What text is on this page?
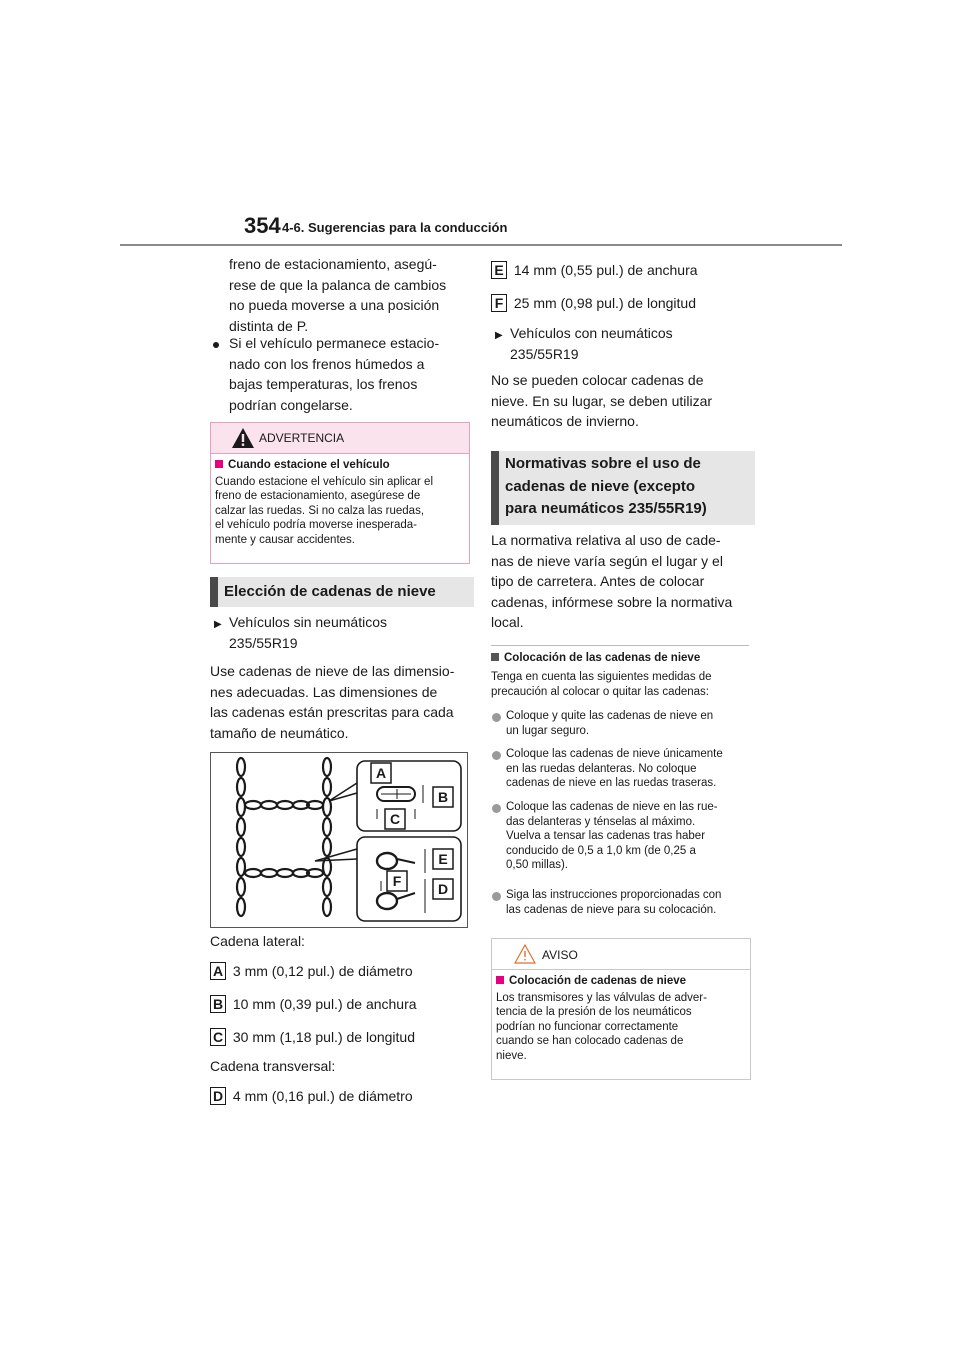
354 4-6. Sugerencias para la conducción
freno de estacionamiento, asegú-
rese de que la palanca de cambios
no pueda moverse a una posición
distinta de P.
Si el vehículo permanece estacio-
nado con los frenos húmedos a
bajas temperaturas, los frenos
podrían congelarse.
ADVERTENCIA
Cuando estacione el vehículo
Cuando estacione el vehículo sin aplicar el
freno de estacionamiento, asegúrese de
calzar las ruedas. Si no calza las ruedas,
el vehículo podría moverse inesperada-
mente y causar accidentes.
Elección de cadenas de nieve
▶ Vehículos sin neumáticos
235/55R19
Use cadenas de nieve de las dimensio-
nes adecuadas. Las dimensiones de
las cadenas están prescritas para cada
tamaño de neumático.
A
B
C
E
F	D
Cadena lateral:
A 3 mm (0,12 pul.) de diámetro
B 10 mm (0,39 pul.) de anchura
C 30 mm (1,18 pul.) de longitud
Cadena transversal:
D 4 mm (0,16 pul.) de diámetro
E 14 mm (0,55 pul.) de anchura
F 25 mm (0,98 pul.) de longitud
▶ Vehículos con neumáticos
235/55R19
No se pueden colocar cadenas de
nieve. En su lugar, se deben utilizar
neumáticos de invierno.
Normativas sobre el uso de
cadenas de nieve (excepto
para neumáticos 235/55R19)
La normativa relativa al uso de cade-
nas de nieve varía según el lugar y el
tipo de carretera. Antes de colocar
cadenas, infórmese sobre la normativa
local.
Colocación de las cadenas de nieve
Tenga en cuenta las siguientes medidas de
precaución al colocar o quitar las cadenas:
Coloque y quite las cadenas de nieve en
un lugar seguro.
Coloque las cadenas de nieve únicamente
en las ruedas delanteras. No coloque
cadenas de nieve en las ruedas traseras.
Coloque las cadenas de nieve en las rue-
das delanteras y ténselas al máximo.
Vuelva a tensar las cadenas tras haber
conducido de 0,5 a 1,0 km (de 0,25 a
0,50 millas).
Siga las instrucciones proporcionadas con
las cadenas de nieve para su colocación.
AVISO
Colocación de cadenas de nieve
Los transmisores y las válvulas de adver-
tencia de la presión de los neumáticos
podrían no funcionar correctamente
cuando se han colocado cadenas de
nieve.
